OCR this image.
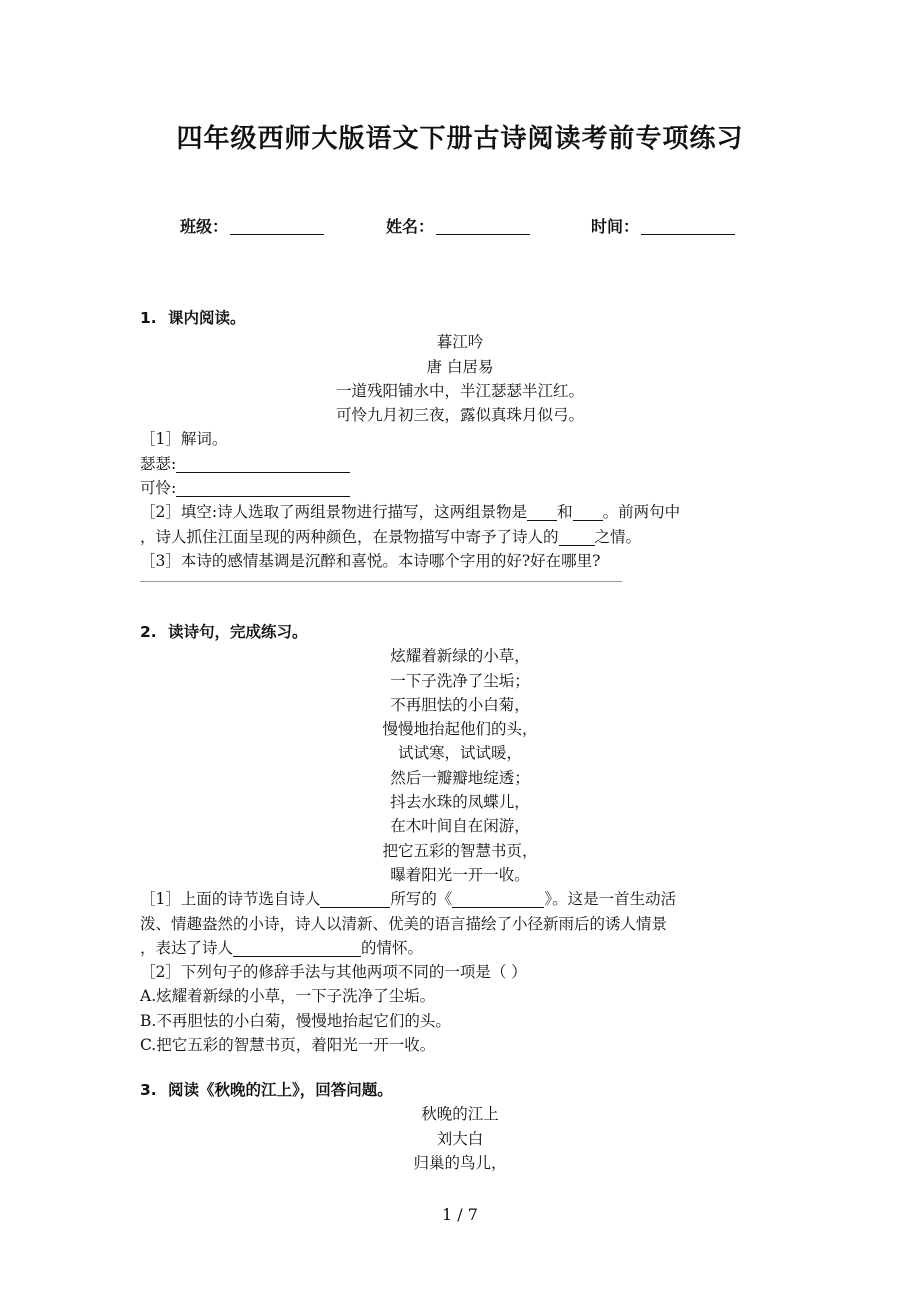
四年级西师大版语文下册古诗阅读考前专项练习
班级：	姓名：	时间：
1. 课内阅读。
暮江吟
唐 白居易
一道残阳铺水中，半江瑟瑟半江红。
可怜九月初三夜，露似真珠月似弓。
［1］解词。
瑟瑟:
可怜:
［2］填空:诗人选取了两组景物进行描写，这两组景物是 和 。前两句中
，诗人抓住江面呈现的两种颜色，在景物描写中寄予了诗人的 之情。
［3］本诗的感情基调是沉醉和喜悦。本诗哪个字用的好?好在哪里?
2. 读诗句，完成练习。
炫耀着新绿的小草，
一下子洗净了尘垢；
不再胆怯的小白菊，
慢慢地抬起他们的头，
试试寒，试试暖，
然后一瓣瓣地绽透；
抖去水珠的凤蝶儿，
在木叶间自在闲游，
把它五彩的智慧书页，
曝着阳光一开一收。
［1］上面的诗节选自诗人	所写的《	》。这是一首生动活
泼、情趣盎然的小诗，诗人以清新、优美的语言描绘了小径新雨后的诱人情景
，表达了诗人	的情怀。
［2］下列句子的修辞手法与其他两项不同的一项是（ ）
A.炫耀着新绿的小草，一下子洗净了尘垢。
B.不再胆怯的小白菊，慢慢地抬起它们的头。
C.把它五彩的智慧书页，着阳光一开一收。
3. 阅读《秋晚的江上》，回答问题。
秋晚的江上
刘大白
归巢的鸟儿，
1 / 7
